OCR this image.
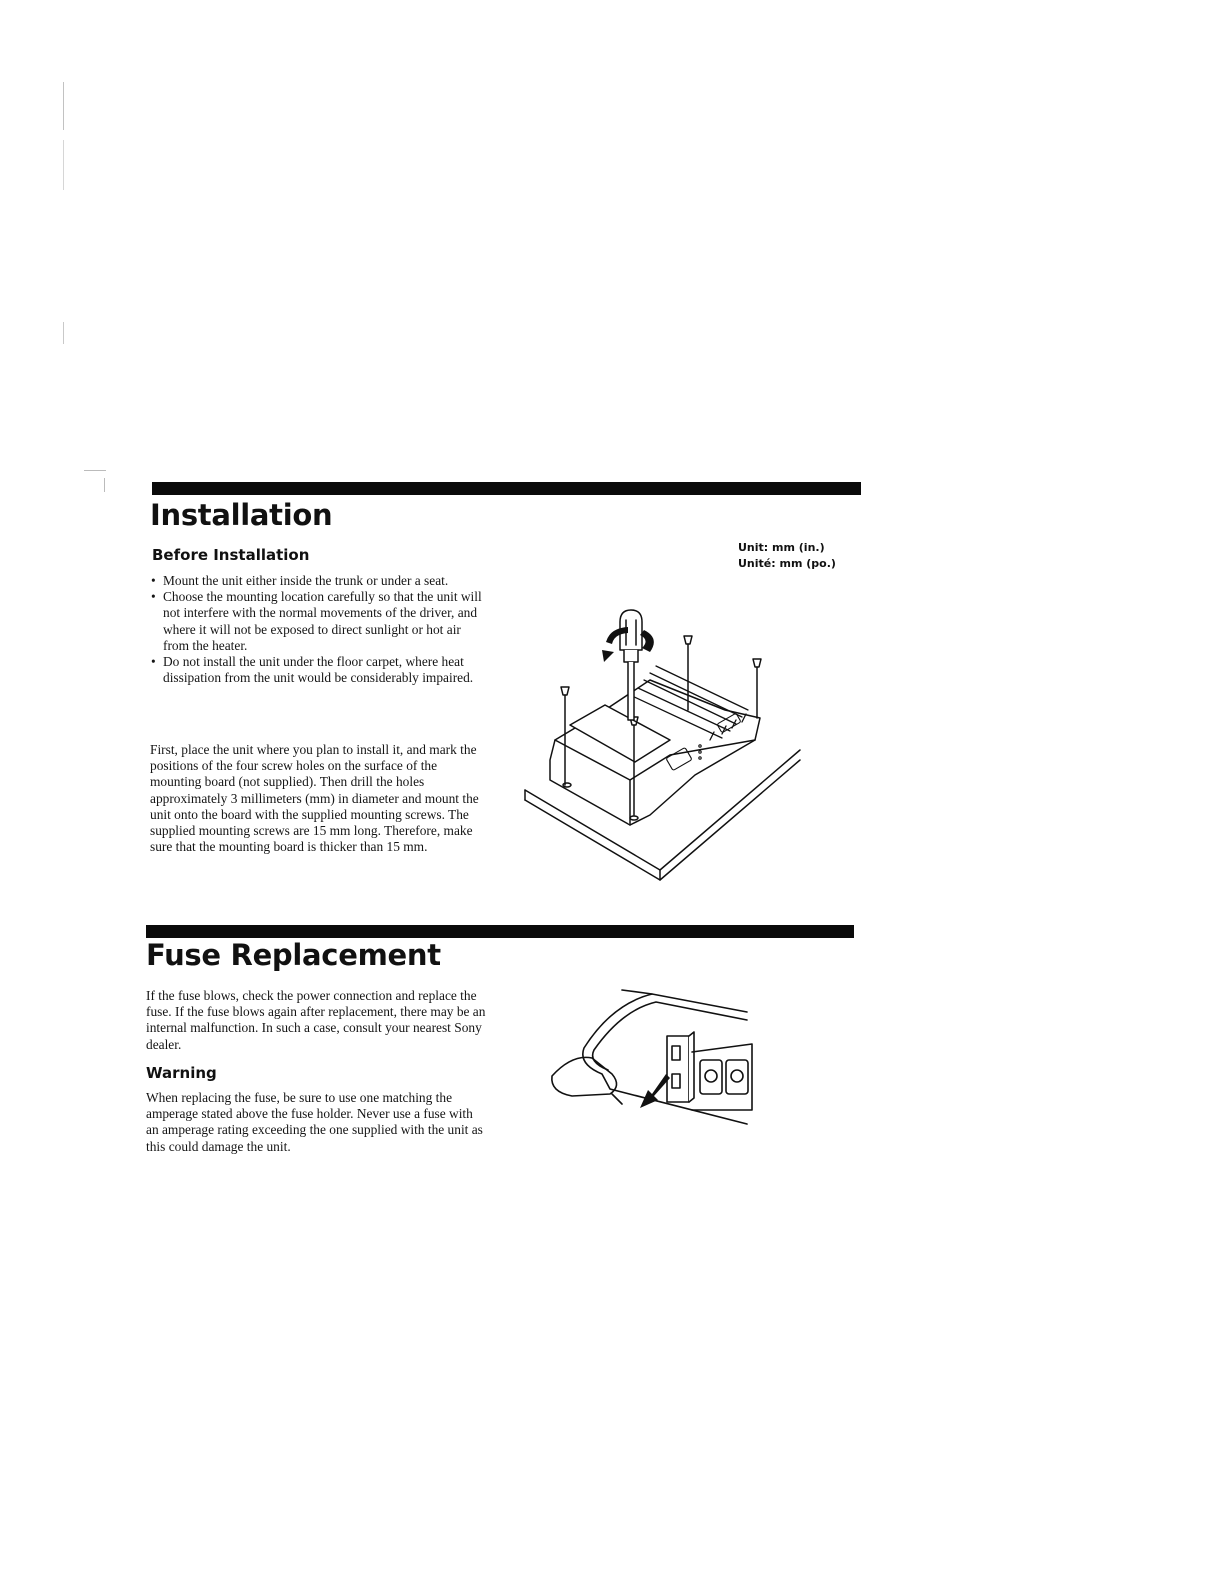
Installation
Before Installation
• Mount the unit either inside the trunk or under a seat.
• Choose the mounting location carefully so that the unit will not interfere with the normal movements of the driver, and where it will not be exposed to direct sunlight or hot air from the heater.
• Do not install the unit under the floor carpet, where heat dissipation from the unit would be considerably impaired.

First, place the unit where you plan to install it, and mark the positions of the four screw holes on the surface of the mounting board (not supplied). Then drill the holes approximately 3 millimeters (mm) in diameter and mount the unit onto the board with the supplied mounting screws. The supplied mounting screws are 15 mm long. Therefore, make sure that the mounting board is thicker than 15 mm.

Unit: mm (in.)

Unité: mm (po.)

Fuse Replacement

If the fuse blows, check the power connection and replace the fuse. If the fuse blows again after replacement, there may be an internal malfunction. In such a case, consult your nearest Sony dealer.

Warning

When replacing the fuse, be sure to use one matching the amperage stated above the fuse holder. Never use a fuse with an amperage rating exceeding the one supplied with the unit as this could damage the unit.
